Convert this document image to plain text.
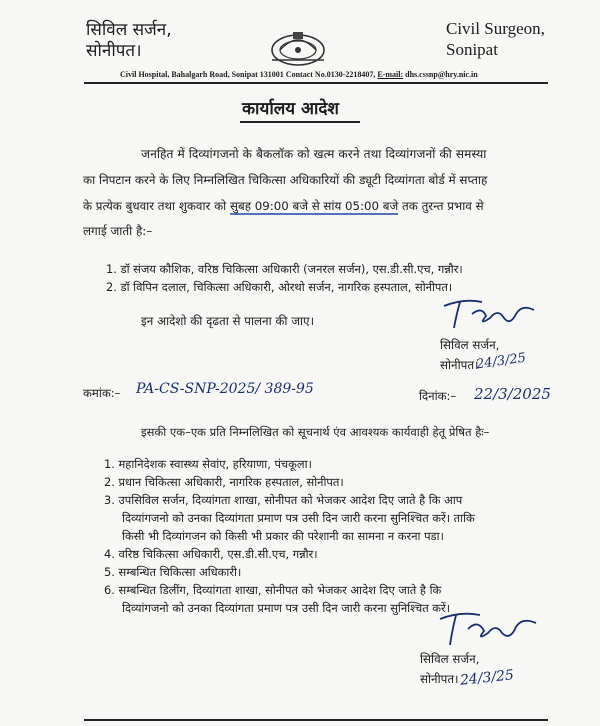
सिविल सर्जन,
सोनीपत।
Civil Surgeon,
Sonipat
Civil Hospital, Bahalgarh Road, Sonipat 131001 Contact No.0130-2218407, E-mail: dhs.cssnp@hry.nic.in
कार्यालय आदेश
जनहित में दिव्यांगजनो के बैकलॉक को खत्म करने तथा दिव्यांगजनों की समस्या
का निपटान करने के लिए निम्नलिखित चिकित्सा अधिकारियों की ड्यूटी दिव्यांगता बोर्ड में सप्ताह
के प्रत्येक बुधवार तथा शुकवार को सुबह 09:00 बजे से सांय 05:00 बजे तक तुरन्त प्रभाव से
लगाई जाती है:–
1. डॉ संजय कौशिक, वरिष्ठ चिकित्सा अधिकारी (जनरल सर्जन), एस.डी.सी.एच, गन्नौर।
2. डॉ विपिन दलाल, चिकित्सा अधिकारी, ओरथो सर्जन, नागरिक हस्पताल, सोनीपत।
इन आदेशो की दृढता से पालना की जाए।
सिविल सर्जन,
सोनीपत।
24/3/25
कमांक:– PA-CS-SNP-2025/ 389-95	दिनांक:– 22/3/2025
इसकी एक–एक प्रति निम्नलिखित को सूचनार्थ एंव आवश्यक कार्यवाही हेतू प्रेषित हैः–
1. महानिदेशक स्वास्थ्य सेवांए, हरियाणा, पंचकूला।
2. प्रधान चिकित्सा अधिकारी, नागरिक हस्पताल, सोनीपत।
3. उपसिविल सर्जन, दिव्यांगता शाखा, सोनीपत को भेजकर आदेश दिए जाते है कि आप
दिव्यांगजनो को उनका दिव्यांगता प्रमाण पत्र उसी दिन जारी करना सुनिश्चित करें। ताकि
किसी भी दिव्यांगजन को किसी भी प्रकार की परेशानी का सामना न करना पडा।
4. वरिष्ठ चिकित्सा अधिकारी, एस.डी.सी.एच, गन्नौर।
5. सम्बन्धित चिकित्सा अधिकारी।
6. सम्बन्धित डिलींग, दिव्यांगता शाखा, सोनीपत को भेजकर आदेश दिए जाते है कि
दिव्यांगजनो को उनका दिव्यांगता प्रमाण पत्र उसी दिन जारी करना सुनिश्चित करें।
सिविल सर्जन,
सोनीपत। 24/3/25
